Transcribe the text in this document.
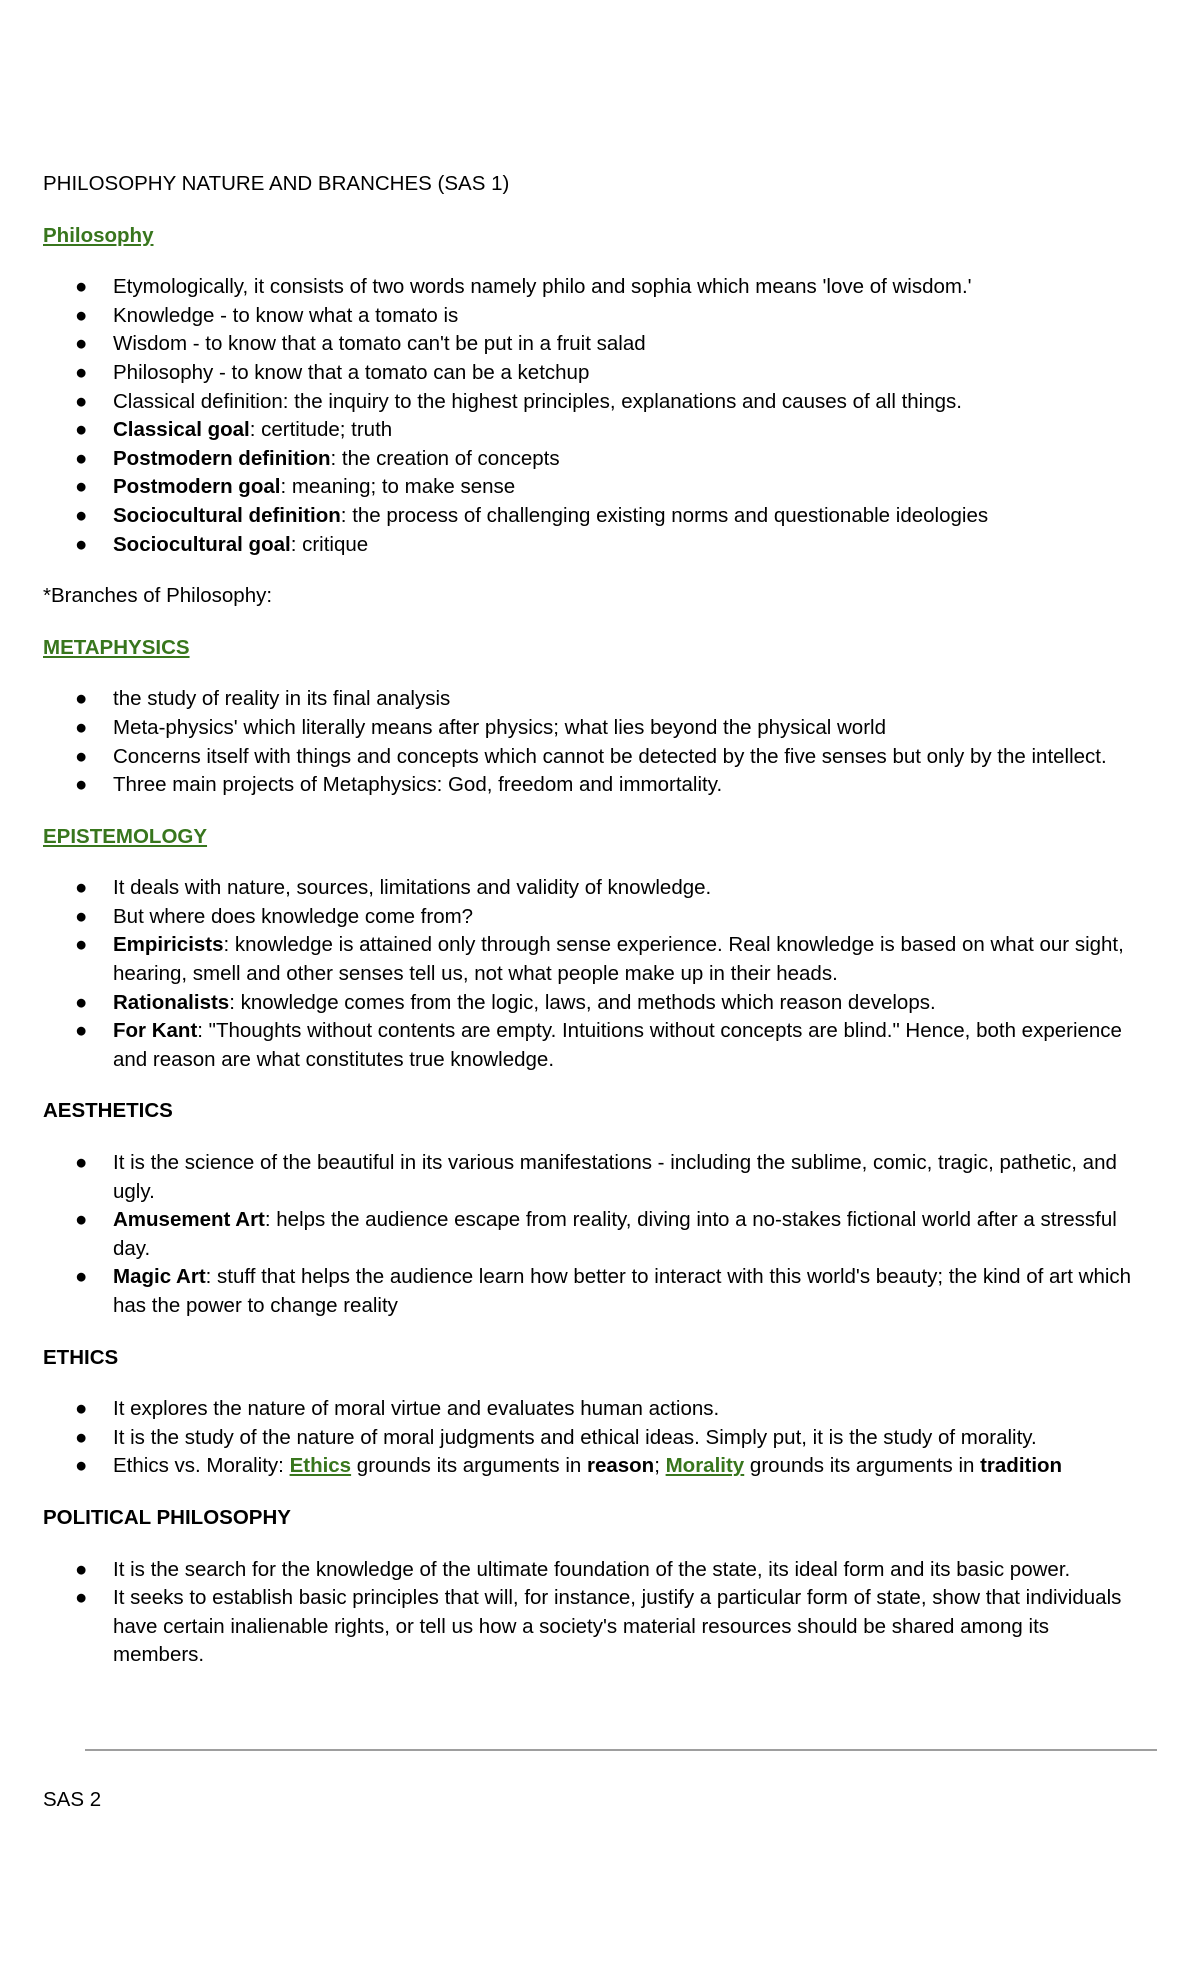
PHILOSOPHY NATURE AND BRANCHES (SAS 1)

Philosophy

● Etymologically, it consists of two words namely philo and sophia which means 'love of wisdom.'
● Knowledge - to know what a tomato is
● Wisdom - to know that a tomato can't be put in a fruit salad
● Philosophy - to know that a tomato can be a ketchup
● Classical definition: the inquiry to the highest principles, explanations and causes of all things.
● Classical goal: certitude; truth
● Postmodern definition: the creation of concepts
● Postmodern goal: meaning; to make sense
● Sociocultural definition: the process of challenging existing norms and questionable ideologies
● Sociocultural goal: critique

*Branches of Philosophy:

METAPHYSICS

● the study of reality in its final analysis
● Meta-physics' which literally means after physics; what lies beyond the physical world
● Concerns itself with things and concepts which cannot be detected by the five senses but only by the intellect.
● Three main projects of Metaphysics: God, freedom and immortality.

EPISTEMOLOGY

● It deals with nature, sources, limitations and validity of knowledge.
● But where does knowledge come from?
● Empiricists: knowledge is attained only through sense experience. Real knowledge is based on what our sight, hearing, smell and other senses tell us, not what people make up in their heads.
● Rationalists: knowledge comes from the logic, laws, and methods which reason develops.
● For Kant: "Thoughts without contents are empty. Intuitions without concepts are blind." Hence, both experience and reason are what constitutes true knowledge.

AESTHETICS

● It is the science of the beautiful in its various manifestations - including the sublime, comic, tragic, pathetic, and ugly.
● Amusement Art: helps the audience escape from reality, diving into a no-stakes fictional world after a stressful day.
● Magic Art: stuff that helps the audience learn how better to interact with this world's beauty; the kind of art which has the power to change reality

ETHICS

● It explores the nature of moral virtue and evaluates human actions.
● It is the study of the nature of moral judgments and ethical ideas. Simply put, it is the study of morality.
● Ethics vs. Morality: Ethics grounds its arguments in reason; Morality grounds its arguments in tradition

POLITICAL PHILOSOPHY

● It is the search for the knowledge of the ultimate foundation of the state, its ideal form and its basic power.
● It seeks to establish basic principles that will, for instance, justify a particular form of state, show that individuals have certain inalienable rights, or tell us how a society's material resources should be shared among its members.

SAS 2
